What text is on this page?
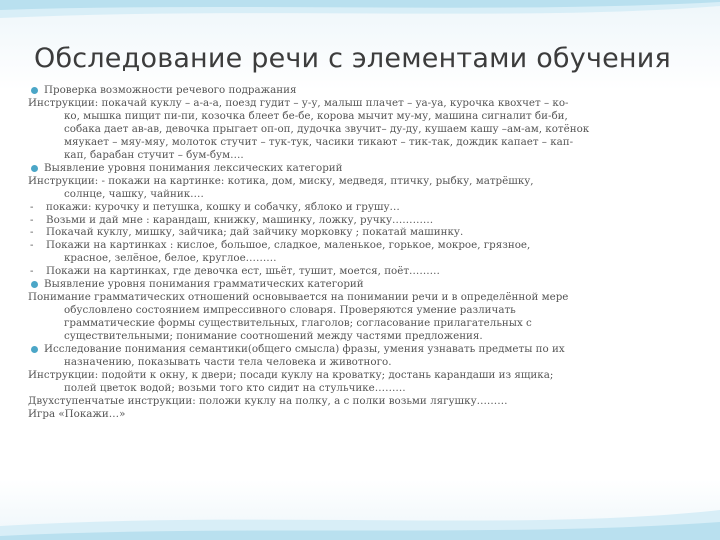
Обследование речи с элементами обучения
Проверка возможности речевого подражания
Инструкции: покачай куклу – а-а-а, поезд гудит – у-у, малыш плачет – уа-уа, курочка квохчет – ко-
ко, мышка пищит пи-пи, козочка блеет бе-бе, корова мычит му-му, машина сигналит би-би,
собака дает ав-ав, девочка прыгает оп-оп, дудочка звучит– ду-ду, кушаем кашу –ам-ам, котёнок
мяукает – мяу-мяу, молоток стучит – тук-тук, часики тикают – тик-так, дождик капает – кап-
кап, барабан стучит – бум-бум….
Выявление уровня понимания лексических категорий
Инструкции: - покажи на картинке: котика, дом, миску, медведя, птичку, рыбку, матрёшку,
солнце, чашку, чайник….
- покажи: курочку и петушка, кошку и собачку, яблоко и грушу…
- Возьми и дай мне : карандаш, книжку, машинку, ложку, ручку…………
- Покачай куклу, мишку, зайчика; дай зайчику морковку ; покатай машинку.
- Покажи на картинках : кислое, большое, сладкое, маленькое, горькое, мокрое, грязное,
красное, зелёное, белое, круглое………
- Покажи на картинках, где девочка ест, шьёт, тушит, моется, поёт………
Выявление уровня понимания грамматических категорий
Понимание грамматических отношений основывается на понимании речи и в определённой мере
обусловлено состоянием импрессивного словаря. Проверяются умение различать
грамматические формы существительных, глаголов; согласование прилагательных с
существительными; понимание соотношений между частями предложения.
Исследование понимания семантики(общего смысла) фразы, умения узнавать предметы по их
назначению, показывать части тела человека и животного.
Инструкции: подойти к окну, к двери; посади куклу на кроватку; достань карандаши из ящика;
полей цветок водой; возьми того кто сидит на стульчике………
Двухступенчатые инструкции: положи куклу на полку, а с полки возьми лягушку………
Игра «Покажи…»
